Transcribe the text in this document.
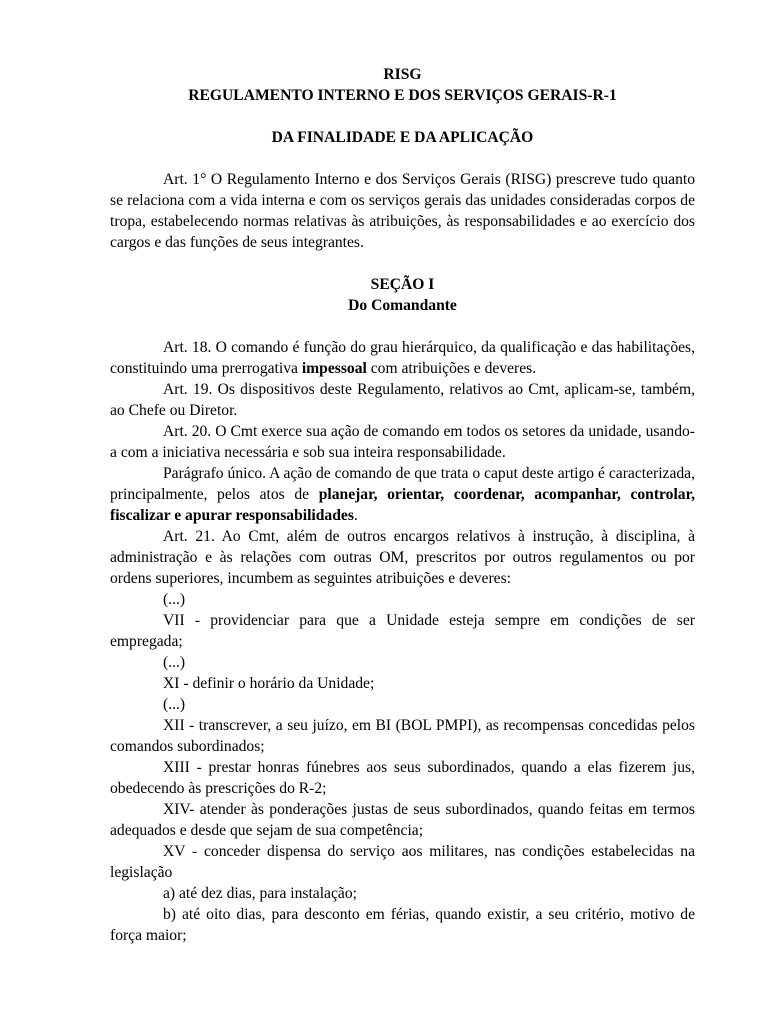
RISG
REGULAMENTO INTERNO E DOS SERVIÇOS GERAIS-R-1
DA FINALIDADE E DA APLICAÇÃO

Art. 1° O Regulamento Interno e dos Serviços Gerais (RISG) prescreve tudo quanto se relaciona com a vida interna e com os serviços gerais das unidades consideradas corpos de tropa, estabelecendo normas relativas às atribuições, às responsabilidades e ao exercício dos cargos e das funções de seus integrantes.

SEÇÃO I
Do Comandante

Art. 18. O comando é função do grau hierárquico, da qualificação e das habilitações, constituindo uma prerrogativa impessoal com atribuições e deveres.

Art. 19. Os dispositivos deste Regulamento, relativos ao Cmt, aplicam-se, também, ao Chefe ou Diretor.

Art. 20. O Cmt exerce sua ação de comando em todos os setores da unidade, usando-a com a iniciativa necessária e sob sua inteira responsabilidade.

Parágrafo único. A ação de comando de que trata o caput deste artigo é caracterizada, principalmente, pelos atos de planejar, orientar, coordenar, acompanhar, controlar, fiscalizar e apurar responsabilidades.

Art. 21. Ao Cmt, além de outros encargos relativos à instrução, à disciplina, à administração e às relações com outras OM, prescritos por outros regulamentos ou por ordens superiores, incumbem as seguintes atribuições e deveres:

(...)

VII - providenciar para que a Unidade esteja sempre em condições de ser empregada;

(...)

XI - definir o horário da Unidade;

(...)

XII - transcrever, a seu juízo, em BI (BOL PMPI), as recompensas concedidas pelos comandos subordinados;

XIII - prestar honras fúnebres aos seus subordinados, quando a elas fizerem jus, obedecendo às prescrições do R-2;

XIV- atender às ponderações justas de seus subordinados, quando feitas em termos adequados e desde que sejam de sua competência;

XV - conceder dispensa do serviço aos militares, nas condições estabelecidas na legislação

a) até dez dias, para instalação;

b) até oito dias, para desconto em férias, quando existir, a seu critério, motivo de força maior;
